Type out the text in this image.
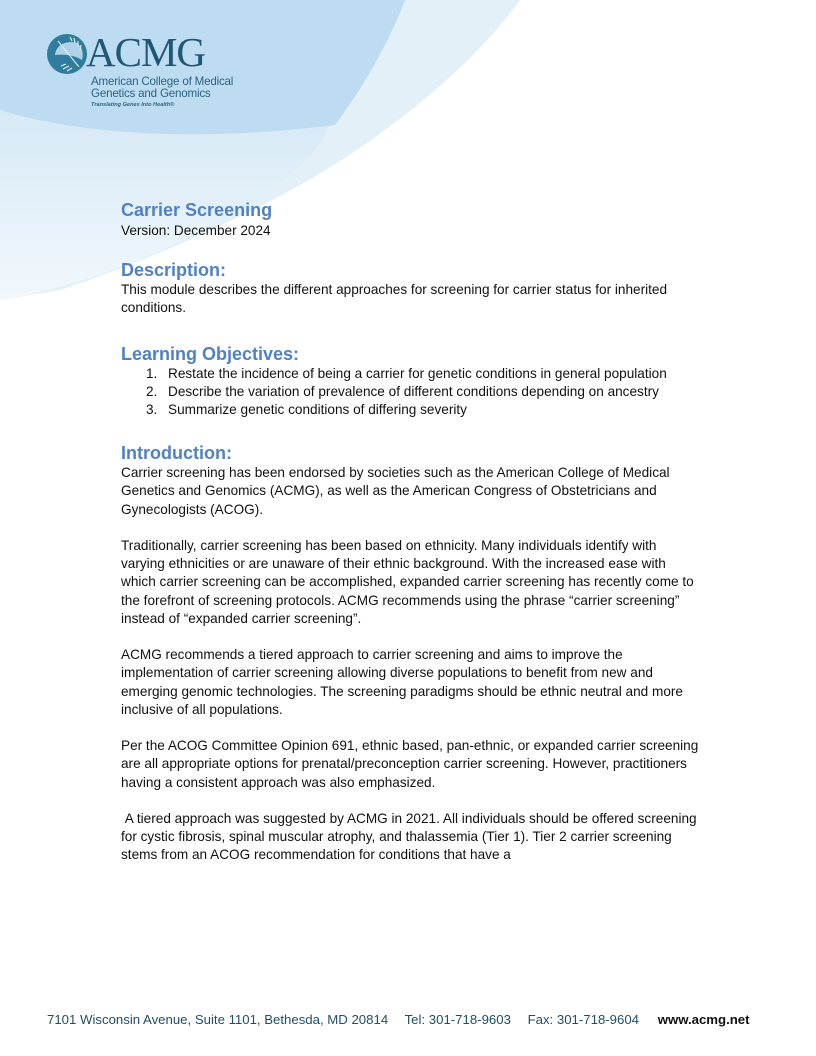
ACMG
American College of Medical
Genetics and Genomics
Translating Genes Into Health®
Carrier Screening

Version: December 2024

Description:

This module describes the different approaches for screening for carrier status for inherited conditions.

Learning Objectives:
1. Restate the incidence of being a carrier for genetic conditions in general population
2. Describe the variation of prevalence of different conditions depending on ancestry
3. Summarize genetic conditions of differing severity
Introduction:

Carrier screening has been endorsed by societies such as the American College of Medical Genetics and Genomics (ACMG), as well as the American Congress of Obstetricians and Gynecologists (ACOG).

Traditionally, carrier screening has been based on ethnicity. Many individuals identify with varying ethnicities or are unaware of their ethnic background. With the increased ease with which carrier screening can be accomplished, expanded carrier screening has recently come to the forefront of screening protocols. ACMG recommends using the phrase “carrier screening” instead of “expanded carrier screening”.

ACMG recommends a tiered approach to carrier screening and aims to improve the implementation of carrier screening allowing diverse populations to benefit from new and emerging genomic technologies. The screening paradigms should be ethnic neutral and more inclusive of all populations.

Per the ACOG Committee Opinion 691, ethnic based, pan-ethnic, or expanded carrier screening are all appropriate options for prenatal/preconception carrier screening. However, practitioners having a consistent approach was also emphasized.

A tiered approach was suggested by ACMG in 2021. All individuals should be offered screening for cystic fibrosis, spinal muscular atrophy, and thalassemia (Tier 1). Tier 2 carrier screening stems from an ACOG recommendation for conditions that have a

7101 Wisconsin Avenue, Suite 1101, Bethesda, MD 20814 Tel: 301-718-9603 Fax: 301-718-9604 www.acmg.net
